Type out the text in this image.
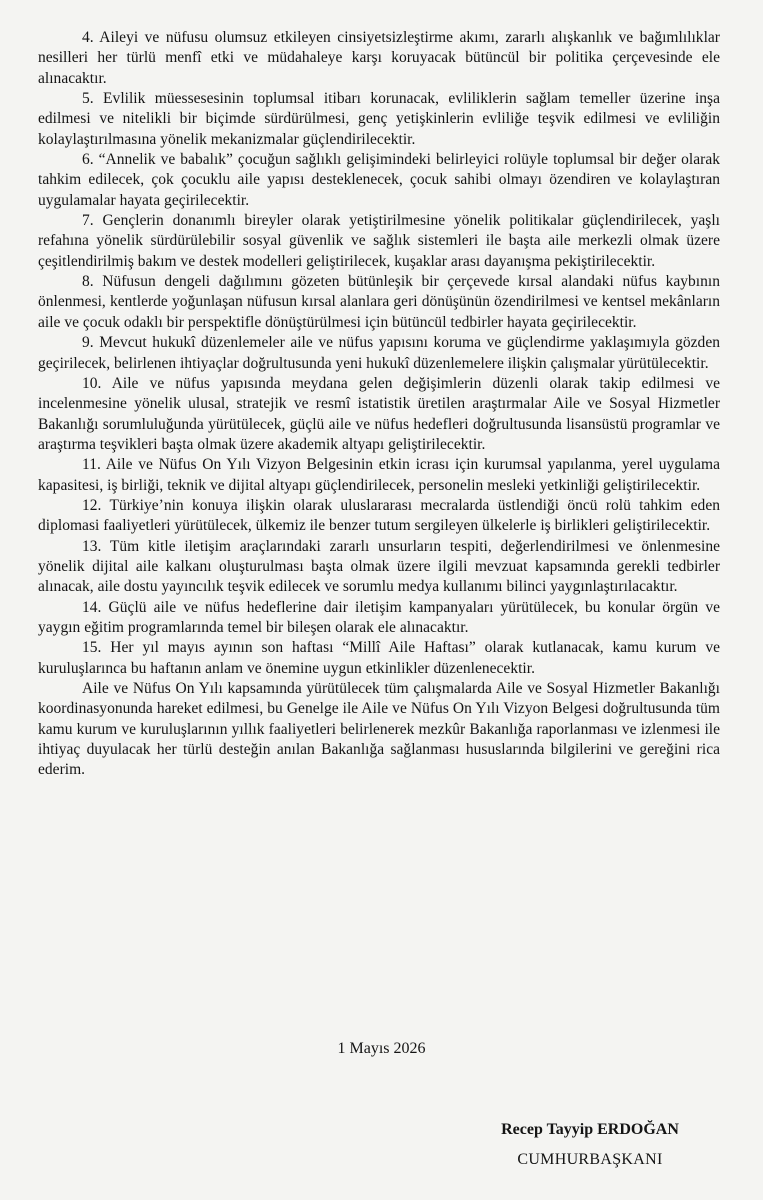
4. Aileyi ve nüfusu olumsuz etkileyen cinsiyetsizleştirme akımı, zararlı alışkanlık ve bağımlılıklar nesilleri her türlü menfî etki ve müdahaleye karşı koruyacak bütüncül bir politika çerçevesinde ele alınacaktır.

5. Evlilik müessesesinin toplumsal itibarı korunacak, evliliklerin sağlam temeller üzerine inşa edilmesi ve nitelikli bir biçimde sürdürülmesi, genç yetişkinlerin evliliğe teşvik edilmesi ve evliliğin kolaylaştırılmasına yönelik mekanizmalar güçlendirilecektir.

6. “Annelik ve babalık” çocuğun sağlıklı gelişimindeki belirleyici rolüyle toplumsal bir değer olarak tahkim edilecek, çok çocuklu aile yapısı desteklenecek, çocuk sahibi olmayı özendiren ve kolaylaştıran uygulamalar hayata geçirilecektir.

7. Gençlerin donanımlı bireyler olarak yetiştirilmesine yönelik politikalar güçlendirilecek, yaşlı refahına yönelik sürdürülebilir sosyal güvenlik ve sağlık sistemleri ile başta aile merkezli olmak üzere çeşitlendirilmiş bakım ve destek modelleri geliştirilecek, kuşaklar arası dayanışma pekiştirilecektir.

8. Nüfusun dengeli dağılımını gözeten bütünleşik bir çerçevede kırsal alandaki nüfus kaybının önlenmesi, kentlerde yoğunlaşan nüfusun kırsal alanlara geri dönüşünün özendirilmesi ve kentsel mekânların aile ve çocuk odaklı bir perspektifle dönüştürülmesi için bütüncül tedbirler hayata geçirilecektir.

9. Mevcut hukukî düzenlemeler aile ve nüfus yapısını koruma ve güçlendirme yaklaşımıyla gözden geçirilecek, belirlenen ihtiyaçlar doğrultusunda yeni hukukî düzenlemelere ilişkin çalışmalar yürütülecektir.

10. Aile ve nüfus yapısında meydana gelen değişimlerin düzenli olarak takip edilmesi ve incelenmesine yönelik ulusal, stratejik ve resmî istatistik üretilen araştırmalar Aile ve Sosyal Hizmetler Bakanlığı sorumluluğunda yürütülecek, güçlü aile ve nüfus hedefleri doğrultusunda lisansüstü programlar ve araştırma teşvikleri başta olmak üzere akademik altyapı geliştirilecektir.

11. Aile ve Nüfus On Yılı Vizyon Belgesinin etkin icrası için kurumsal yapılanma, yerel uygulama kapasitesi, iş birliği, teknik ve dijital altyapı güçlendirilecek, personelin mesleki yetkinliği geliştirilecektir.

12. Türkiye’nin konuya ilişkin olarak uluslararası mecralarda üstlendiği öncü rolü tahkim eden diplomasi faaliyetleri yürütülecek, ülkemiz ile benzer tutum sergileyen ülkelerle iş birlikleri geliştirilecektir.

13. Tüm kitle iletişim araçlarındaki zararlı unsurların tespiti, değerlendirilmesi ve önlenmesine yönelik dijital aile kalkanı oluşturulması başta olmak üzere ilgili mevzuat kapsamında gerekli tedbirler alınacak, aile dostu yayıncılık teşvik edilecek ve sorumlu medya kullanımı bilinci yaygınlaştırılacaktır.

14. Güçlü aile ve nüfus hedeflerine dair iletişim kampanyaları yürütülecek, bu konular örgün ve yaygın eğitim programlarında temel bir bileşen olarak ele alınacaktır.

15. Her yıl mayıs ayının son haftası “Millî Aile Haftası” olarak kutlanacak, kamu kurum ve kuruluşlarınca bu haftanın anlam ve önemine uygun etkinlikler düzenlenecektir.

Aile ve Nüfus On Yılı kapsamında yürütülecek tüm çalışmalarda Aile ve Sosyal Hizmetler Bakanlığı koordinasyonunda hareket edilmesi, bu Genelge ile Aile ve Nüfus On Yılı Vizyon Belgesi doğrultusunda tüm kamu kurum ve kuruluşlarının yıllık faaliyetleri belirlenerek mezkûr Bakanlığa raporlanması ve izlenmesi ile ihtiyaç duyulacak her türlü desteğin anılan Bakanlığa sağlanması hususlarında bilgilerini ve gereğini rica ederim.

1 Mayıs 2026
Recep Tayyip ERDOĞAN
CUMHURBAŞKANI
